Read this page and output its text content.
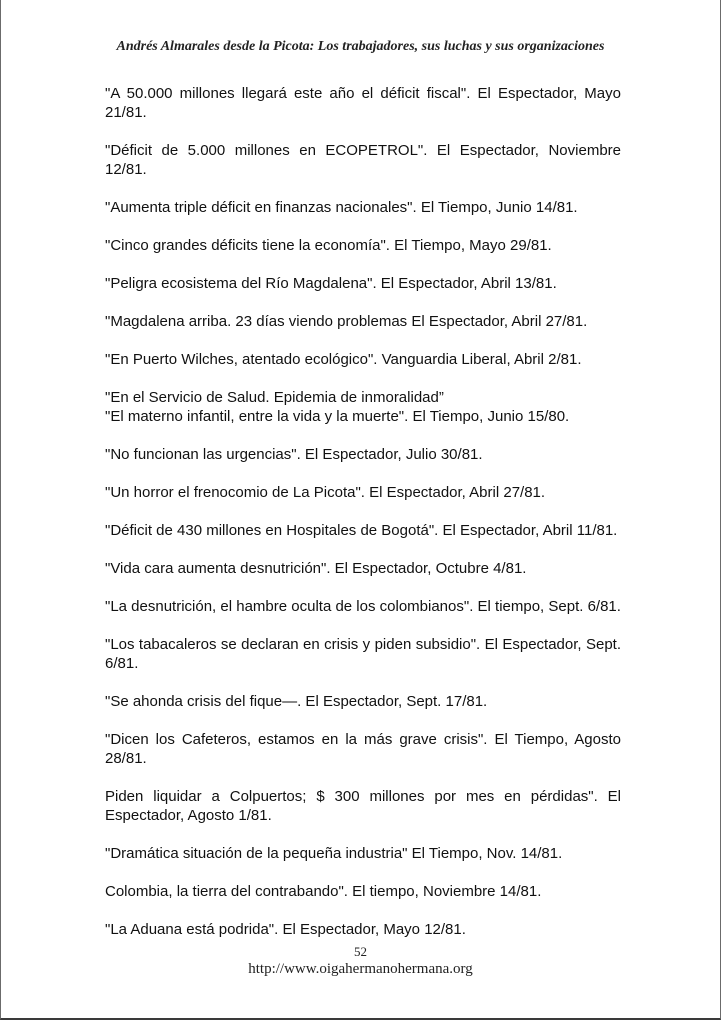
Andrés Almarales desde la Picota: Los trabajadores, sus luchas y sus organizaciones
"A 50.000 millones llegará este año el déficit fiscal". El Espectador, Mayo 21/81.
"Déficit de 5.000 millones en ECOPETROL". El Espectador, Noviembre 12/81.
"Aumenta triple déficit en finanzas nacionales". El Tiempo, Junio 14/81.
"Cinco grandes déficits tiene la economía". El Tiempo, Mayo 29/81.
"Peligra ecosistema del Río Magdalena". El Espectador, Abril 13/81.
"Magdalena arriba. 23 días viendo problemas El Espectador, Abril 27/81.
"En Puerto Wilches, atentado ecológico". Vanguardia Liberal, Abril 2/81.
"En el Servicio de Salud. Epidemia de inmoralidad”
"El materno infantil, entre la vida y la muerte". El Tiempo, Junio 15/80.
"No funcionan las urgencias". El Espectador, Julio 30/81.
"Un horror el frenocomio de La Picota". El Espectador, Abril 27/81.
"Déficit de 430 millones en Hospitales de Bogotá". El Espectador, Abril 11/81.
"Vida cara aumenta desnutrición". El Espectador, Octubre 4/81.
"La desnutrición, el hambre oculta de los colombianos". El tiempo, Sept. 6/81.
"Los tabacaleros se declaran en crisis y piden subsidio". El Espectador, Sept. 6/81.
"Se ahonda crisis del fique—. El Espectador, Sept. 17/81.
"Dicen los Cafeteros, estamos en la más grave crisis". El Tiempo, Agosto 28/81.
Piden liquidar a Colpuertos; $ 300 millones por mes en pérdidas". El Espectador, Agosto 1/81.
"Dramática situación de la pequeña industria" El Tiempo, Nov. 14/81.
Colombia, la tierra del contrabando". El tiempo, Noviembre 14/81.
"La Aduana está podrida". El Espectador, Mayo 12/81.
52
http://www.oigahermanohermana.org
